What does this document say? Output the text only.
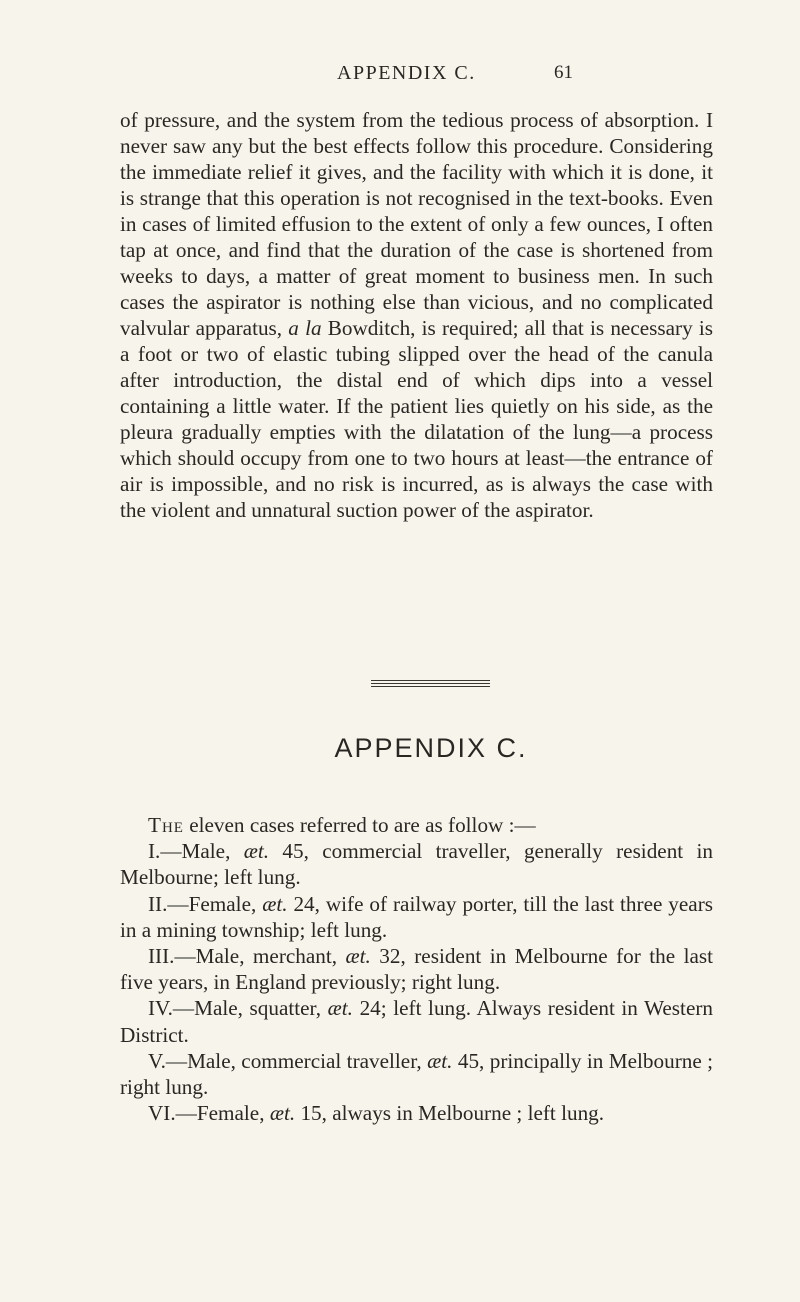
APPENDIX C.	61

of pressure, and the system from the tedious process of absorption. I never saw any but the best effects follow this procedure. Considering the immediate relief it gives, and the facility with which it is done, it is strange that this operation is not recognised in the text-books. Even in cases of limited effusion to the extent of only a few ounces, I often tap at once, and find that the duration of the case is shortened from weeks to days, a matter of great moment to business men. In such cases the aspirator is nothing else than vicious, and no complicated valvular apparatus, a la Bowditch, is required; all that is necessary is a foot or two of elastic tubing slipped over the head of the canula after introduction, the distal end of which dips into a vessel containing a little water. If the patient lies quietly on his side, as the pleura gradually empties with the dilatation of the lung—a process which should occupy from one to two hours at least—the entrance of air is impossible, and no risk is incurred, as is always the case with the violent and unnatural suction power of the aspirator.

APPENDIX C.

The eleven cases referred to are as follow :—

I.—Male, æt. 45, commercial traveller, generally resident in Melbourne; left lung.

II.—Female, æt. 24, wife of railway porter, till the last three years in a mining township; left lung.

III.—Male, merchant, æt. 32, resident in Melbourne for the last five years, in England previously; right lung.

IV.—Male, squatter, æt. 24; left lung. Always resident in Western District.

V.—Male, commercial traveller, æt. 45, principally in Melbourne ; right lung.

VI.—Female, æt. 15, always in Melbourne ; left lung.
